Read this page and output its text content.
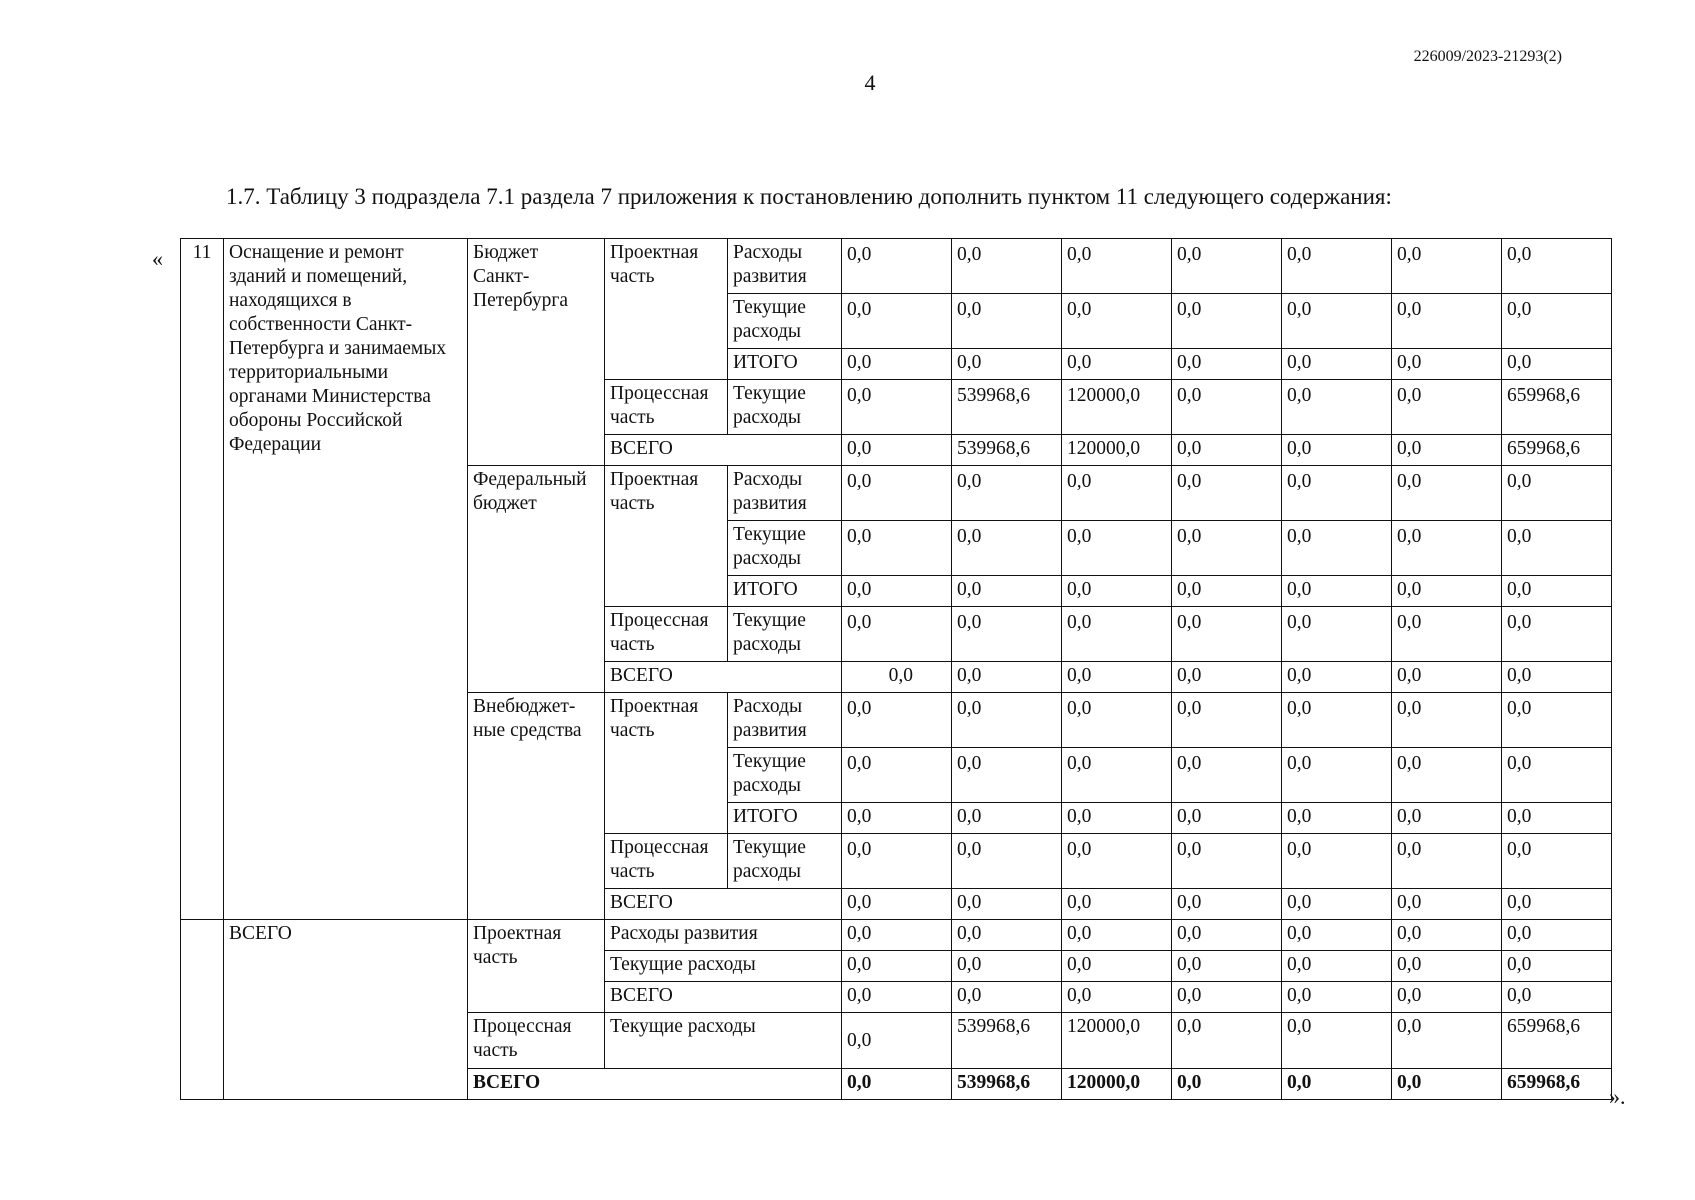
226009/2023-21293(2)
4
1.7. Таблицу 3 подраздела 7.1 раздела 7 приложения к постановлению дополнить пунктом 11 следующего содержания:
«
».
11	Оснащение и ремонт зданий и помещений, находящихся в собственности Санкт-Петербурга и занимаемых территориальными органами Министерства обороны Российской Федерации	Бюджет Санкт-Петербурга	Проектная часть	Расходы развития	0,0	0,0	0,0	0,0	0,0	0,0	0,0
				Текущие расходы	0,0	0,0	0,0	0,0	0,0	0,0	0,0
				ИТОГО	0,0	0,0	0,0	0,0	0,0	0,0	0,0
			Процессная часть	Текущие расходы	0,0	539968,6	120000,0	0,0	0,0	0,0	659968,6
			ВСЕГО		0,0	539968,6	120000,0	0,0	0,0	0,0	659968,6
		Федеральный бюджет	Проектная часть	Расходы развития	0,0	0,0	0,0	0,0	0,0	0,0	0,0
				Текущие расходы	0,0	0,0	0,0	0,0	0,0	0,0	0,0
				ИТОГО	0,0	0,0	0,0	0,0	0,0	0,0	0,0
			Процессная часть	Текущие расходы	0,0	0,0	0,0	0,0	0,0	0,0	0,0
			ВСЕГО		0,0	0,0	0,0	0,0	0,0	0,0	0,0
		Внебюджет-ные средства	Проектная часть	Расходы развития	0,0	0,0	0,0	0,0	0,0	0,0	0,0
				Текущие расходы	0,0	0,0	0,0	0,0	0,0	0,0	0,0
				ИТОГО	0,0	0,0	0,0	0,0	0,0	0,0	0,0
			Процессная часть	Текущие расходы	0,0	0,0	0,0	0,0	0,0	0,0	0,0
			ВСЕГО		0,0	0,0	0,0	0,0	0,0	0,0	0,0
	ВСЕГО	Проектная часть	Расходы развития		0,0	0,0	0,0	0,0	0,0	0,0	0,0
			Текущие расходы		0,0	0,0	0,0	0,0	0,0	0,0	0,0
			ВСЕГО		0,0	0,0	0,0	0,0	0,0	0,0	0,0
		Процессная часть	Текущие расходы		0,0	539968,6	120000,0	0,0	0,0	0,0	659968,6
		ВСЕГО			0,0	539968,6	120000,0	0,0	0,0	0,0	659968,6
